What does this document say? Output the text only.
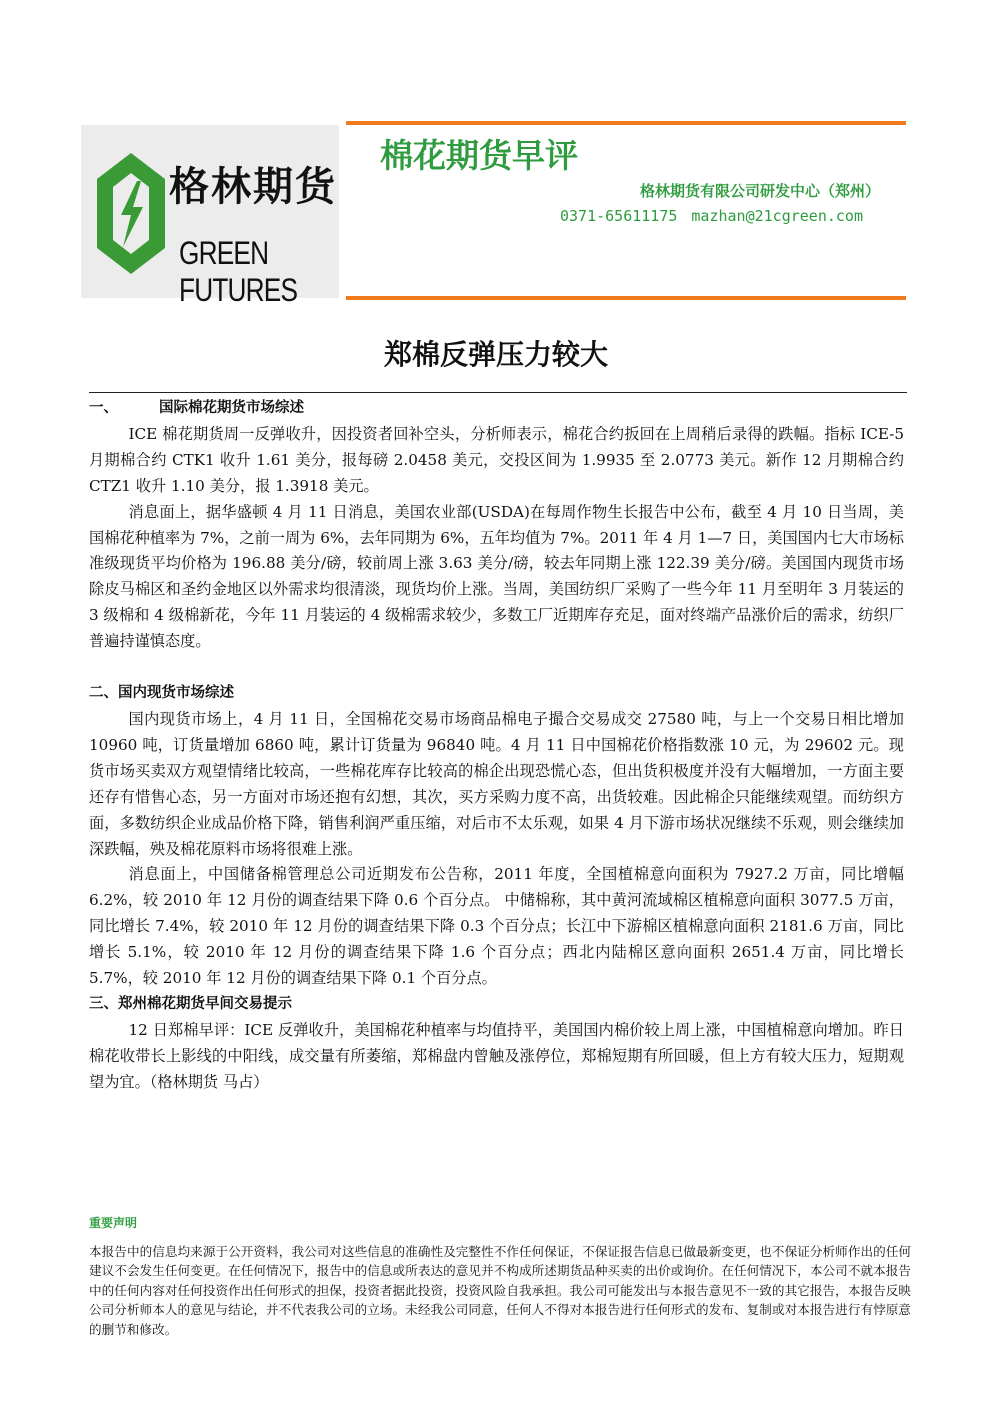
格林期货
GREEN FUTURES
棉花期货早评
格林期货有限公司研发中心（郑州）
0371-65611175 mazhan@21cgreen.com
郑棉反弹压力较大

一、	国际棉花期货市场综述

ICE 棉花期货周一反弹收升，因投资者回补空头，分析师表示，棉花合约扳回在上周稍后录得的跌幅。指标 ICE-5 月期棉合约 CTK1 收升 1.61 美分，报每磅 2.0458 美元，交投区间为 1.9935 至 2.0773 美元。新作 12 月期棉合约 CTZ1 收升 1.10 美分，报 1.3918 美元。

消息面上，据华盛顿 4 月 11 日消息，美国农业部(USDA)在每周作物生长报告中公布，截至 4 月 10 日当周，美国棉花种植率为 7%，之前一周为 6%，去年同期为 6%，五年均值为 7%。2011 年 4 月 1—7 日，美国国内七大市场标准级现货平均价格为 196.88 美分/磅，较前周上涨 3.63 美分/磅，较去年同期上涨 122.39 美分/磅。美国国内现货市场除皮马棉区和圣约金地区以外需求均很清淡，现货均价上涨。当周，美国纺织厂采购了一些今年 11 月至明年 3 月装运的 3 级棉和 4 级棉新花，今年 11 月装运的 4 级棉需求较少，多数工厂近期库存充足，面对终端产品涨价后的需求，纺织厂普遍持谨慎态度。

二、国内现货市场综述

国内现货市场上，4 月 11 日，全国棉花交易市场商品棉电子撮合交易成交 27580 吨，与上一个交易日相比增加 10960 吨，订货量增加 6860 吨，累计订货量为 96840 吨。4 月 11 日中国棉花价格指数涨 10 元，为 29602 元。现货市场买卖双方观望情绪比较高，一些棉花库存比较高的棉企出现恐慌心态，但出货积极度并没有大幅增加，一方面主要还存有惜售心态，另一方面对市场还抱有幻想，其次，买方采购力度不高，出货较难。因此棉企只能继续观望。而纺织方面，多数纺织企业成品价格下降，销售利润严重压缩，对后市不太乐观，如果 4 月下游市场状况继续不乐观，则会继续加深跌幅，殃及棉花原料市场将很难上涨。

消息面上，中国储备棉管理总公司近期发布公告称，2011 年度，全国植棉意向面积为 7927.2 万亩，同比增幅 6.2%，较 2010 年 12 月份的调查结果下降 0.6 个百分点。 中储棉称，其中黄河流域棉区植棉意向面积 3077.5 万亩，同比增长 7.4%，较 2010 年 12 月份的调查结果下降 0.3 个百分点；长江中下游棉区植棉意向面积 2181.6 万亩，同比增长 5.1%，较 2010 年 12 月份的调查结果下降 1.6 个百分点；西北内陆棉区意向面积 2651.4 万亩，同比增长 5.7%，较 2010 年 12 月份的调查结果下降 0.1 个百分点。

三、郑州棉花期货早间交易提示

12 日郑棉早评：ICE 反弹收升，美国棉花种植率与均值持平，美国国内棉价较上周上涨，中国植棉意向增加。昨日棉花收带长上影线的中阳线，成交量有所萎缩，郑棉盘内曾触及涨停位，郑棉短期有所回暖，但上方有较大压力，短期观望为宜。（格林期货 马占）

重要声明
本报告中的信息均来源于公开资料，我公司对这些信息的准确性及完整性不作任何保证，不保证报告信息已做最新变更，也不保证分析师作出的任何建议不会发生任何变更。在任何情况下，报告中的信息或所表达的意见并不构成所述期货品种买卖的出价或询价。在任何情况下，本公司不就本报告中的任何内容对任何投资作出任何形式的担保，投资者据此投资，投资风险自我承担。我公司可能发出与本报告意见不一致的其它报告，本报告反映公司分析师本人的意见与结论，并不代表我公司的立场。未经我公司同意，任何人不得对本报告进行任何形式的发布、复制或对本报告进行有悖原意的删节和修改。
